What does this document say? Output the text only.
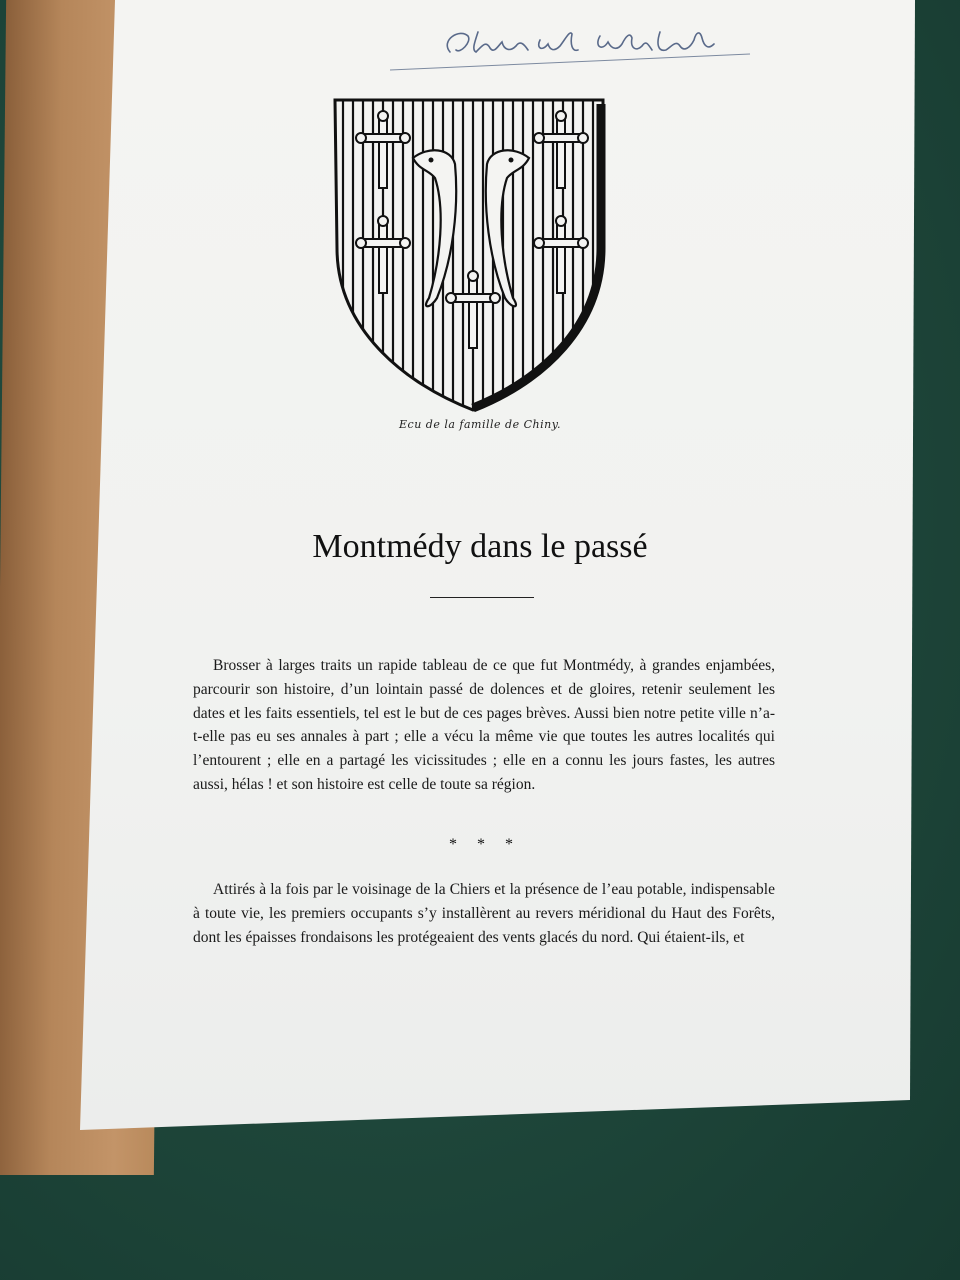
Ecu de la famille de Chiny.
Montmédy dans le passé

Brosser à larges traits un rapide tableau de ce que fut Montmédy, à grandes enjambées, parcourir son histoire, d’un lointain passé de dolences et de gloires, retenir seulement les dates et les faits essentiels, tel est le but de ces pages brèves. Aussi bien notre petite ville n’a-t-elle pas eu ses annales à part ; elle a vécu la même vie que toutes les autres localités qui l’entourent ; elle en a partagé les vicissitudes ; elle en a connu les jours fastes, les autres aussi, hélas ! et son histoire est celle de toute sa région.

* * *

Attirés à la fois par le voisinage de la Chiers et la présence de l’eau potable, indispensable à toute vie, les premiers occupants s’y installèrent au revers méridional du Haut des Forêts, dont les épaisses frondaisons les protégeaient des vents glacés du nord. Qui étaient-ils, et
